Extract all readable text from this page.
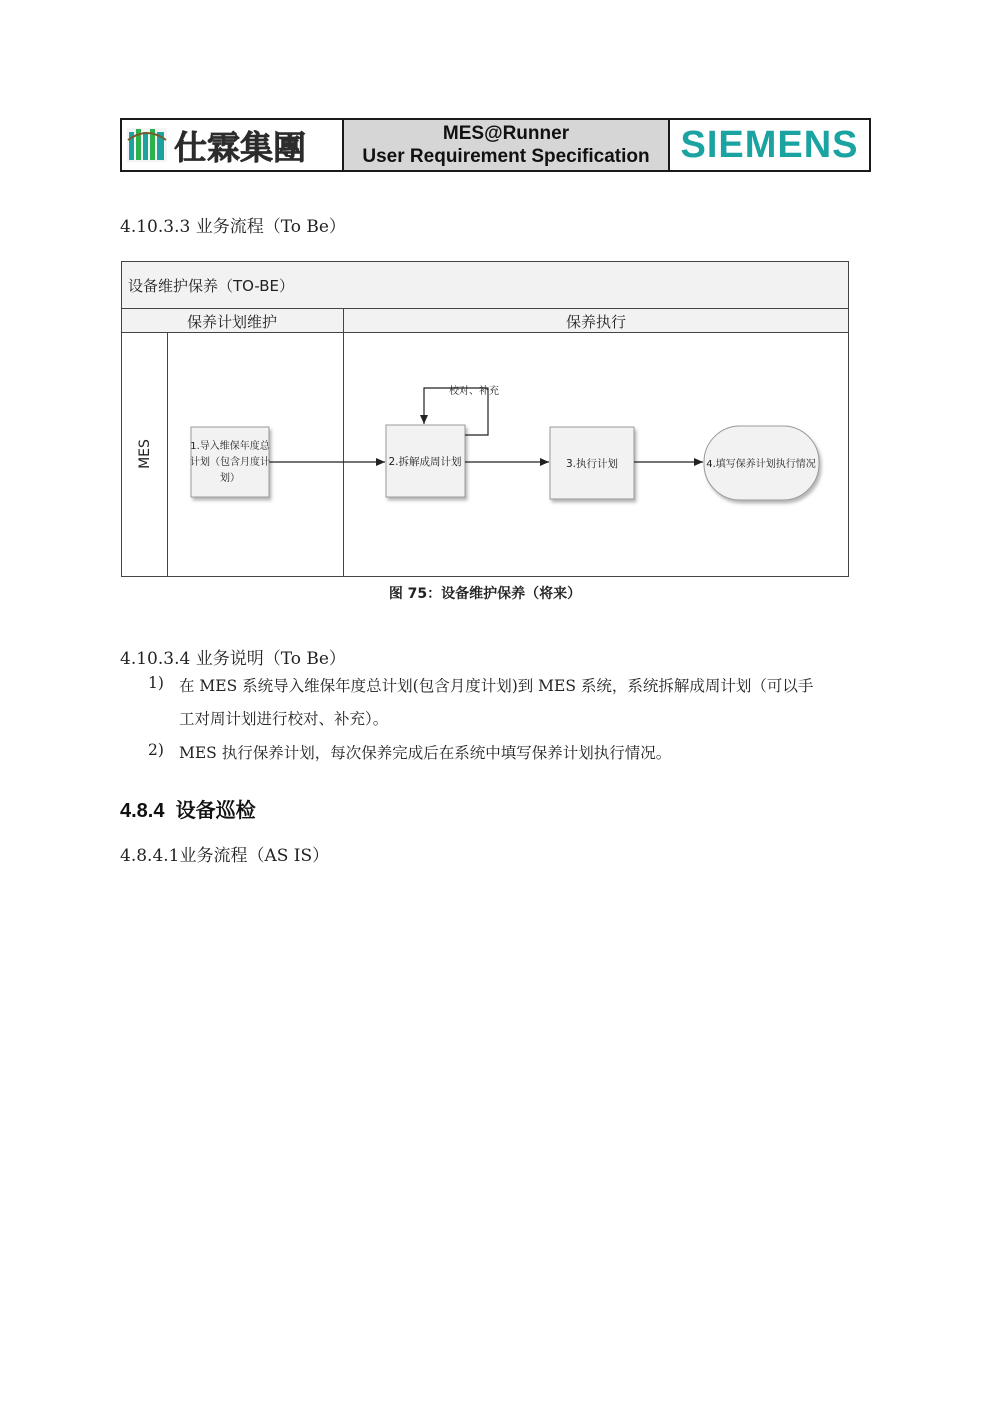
仕霖集團	MES@Runner
User Requirement Specification SIEMENS
4.10.3.3 业务流程（To Be）
设备维护保养（TO-BE）
保养计划维护	保养执行
MES	1.导入维保年度总
计划（包含月度计
划）
2.拆解成周计划	3.执行计划	4.填写保养计划执行情况
校对、补充
图 75：设备维护保养（将来）
4.10.3.4 业务说明（To Be）
1) 在 MES 系统导入维保年度总计划(包含月度计划)到 MES 系统，系统拆解成周计划（可以手
工对周计划进行校对、补充）。
2) MES 执行保养计划，每次保养完成后在系统中填写保养计划执行情况。
4.8.4 设备巡检
4.8.4.1业务流程（AS IS）
